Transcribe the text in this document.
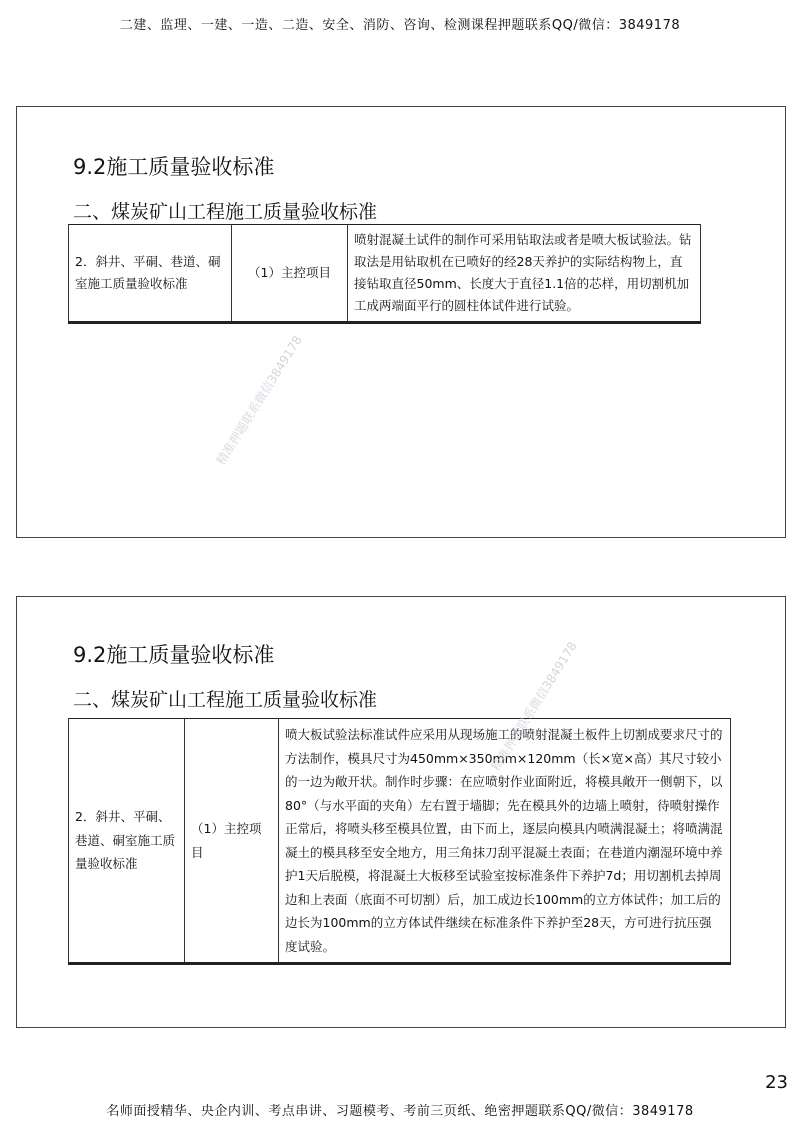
二建、监理、一建、一造、二造、安全、消防、咨询、检测课程押题联系QQ/微信：3849178
9.2施工质量验收标准
二、煤炭矿山工程施工质量验收标准
2．斜井、平硐、巷道、硐室施工质量验收标准	（1）主控项目	喷射混凝土试件的制作可采用钻取法或者是喷大板试验法。钻取法是用钻取机在已喷好的经28天养护的实际结构物上，直接钻取直径50mm、长度大于直径1.1倍的芯样，用切割机加工成两端面平行的圆柱体试件进行试验。
精准押题联系微信3849178
9.2施工质量验收标准
二、煤炭矿山工程施工质量验收标准
2．斜井、平硐、巷道、硐室施工质量验收标准	（1）主控项目	喷大板试验法标准试件应采用从现场施工的喷射混凝土板件上切割成要求尺寸的方法制作，模具尺寸为450mm×350mm×120mm（长×宽×高）其尺寸较小的一边为敞开状。制作时步骤：在应喷射作业面附近，将模具敞开一侧朝下，以80°（与水平面的夹角）左右置于墙脚；先在模具外的边墙上喷射，待喷射操作正常后，将喷头移至模具位置，由下而上，逐层向模具内喷满混凝土；将喷满混凝土的模具移至安全地方，用三角抹刀刮平混凝土表面；在巷道内潮湿环境中养护1天后脱模，将混凝土大板移至试验室按标准条件下养护7d；用切割机去掉周边和上表面（底面不可切割）后，加工成边长100mm的立方体试件；加工后的边长为100mm的立方体试件继续在标准条件下养护至28天，方可进行抗压强度试验。
精准押题联系微信3849178
23
名师面授精华、央企内训、考点串讲、习题模考、考前三页纸、绝密押题联系QQ/微信：3849178
